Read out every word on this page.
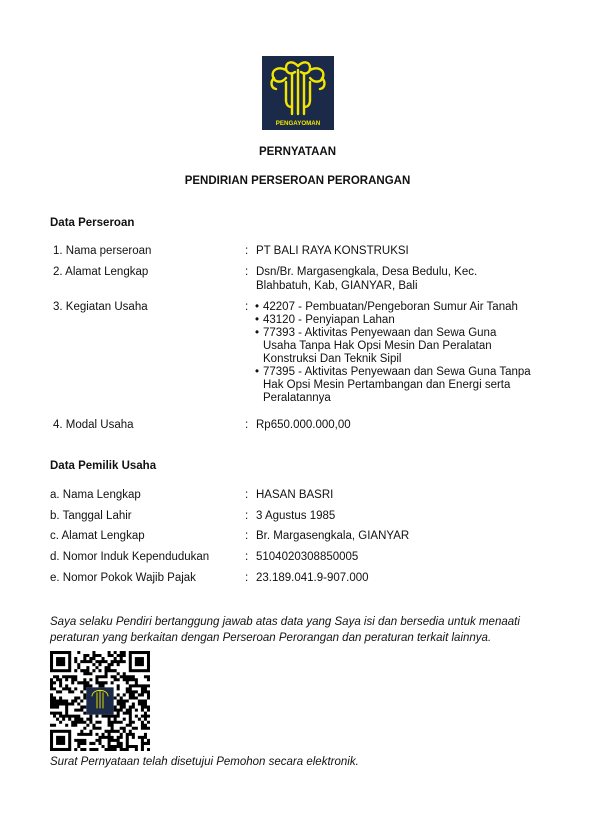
PENGAYOMAN
PERNYATAAN
PENDIRIAN PERSEROAN PERORANGAN
Data Perseroan
1. Nama perseroan	: PT BALI RAYA KONSTRUKSI
2. Alamat Lengkap	: Dsn/Br. Margasengkala, Desa Bedulu, Kec.
Blahbatuh, Kab, GIANYAR, Bali
3. Kegiatan Usaha	: • 42207 - Pembuatan/Pengeboran Sumur Air Tanah
• 43120 - Penyiapan Lahan
• 77393 - Aktivitas Penyewaan dan Sewa Guna
Usaha Tanpa Hak Opsi Mesin Dan Peralatan
Konstruksi Dan Teknik Sipil
• 77395 - Aktivitas Penyewaan dan Sewa Guna Tanpa
Hak Opsi Mesin Pertambangan dan Energi serta
Peralatannya
4. Modal Usaha	: Rp650.000.000,00
Data Pemilik Usaha
a. Nama Lengkap	: HASAN BASRI
b. Tanggal Lahir	: 3 Agustus 1985
c. Alamat Lengkap	: Br. Margasengkala, GIANYAR
d. Nomor Induk Kependudukan	: 5104020308850005
e. Nomor Pokok Wajib Pajak	: 23.189.041.9-907.000
Saya selaku Pendiri bertanggung jawab atas data yang Saya isi dan bersedia untuk menaati peraturan yang berkaitan dengan Perseroan Perorangan dan peraturan terkait lainnya.
Surat Pernyataan telah disetujui Pemohon secara elektronik.
